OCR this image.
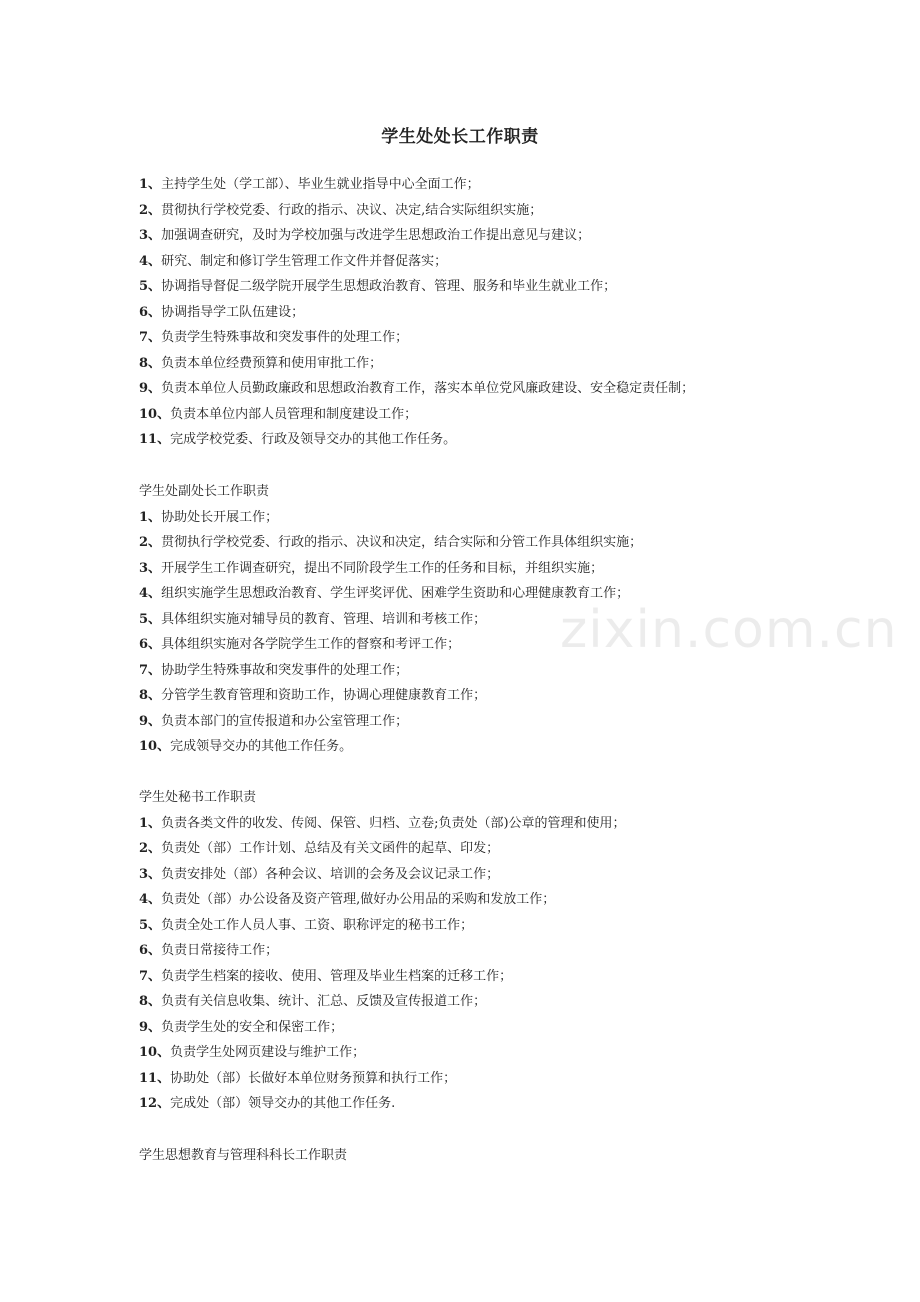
学生处处长工作职责
1、主持学生处（学工部）、毕业生就业指导中心全面工作；
2、贯彻执行学校党委、行政的指示、决议、决定,结合实际组织实施；
3、加强调查研究，及时为学校加强与改进学生思想政治工作提出意见与建议；
4、研究、制定和修订学生管理工作文件并督促落实；
5、协调指导督促二级学院开展学生思想政治教育、管理、服务和毕业生就业工作；
6、协调指导学工队伍建设；
7、负责学生特殊事故和突发事件的处理工作；
8、负责本单位经费预算和使用审批工作；
9、负责本单位人员勤政廉政和思想政治教育工作，落实本单位党风廉政建设、安全稳定责任制；
10、负责本单位内部人员管理和制度建设工作；
11、完成学校党委、行政及领导交办的其他工作任务。
学生处副处长工作职责
1、协助处长开展工作；
2、贯彻执行学校党委、行政的指示、决议和决定，结合实际和分管工作具体组织实施；
3、开展学生工作调查研究，提出不同阶段学生工作的任务和目标，并组织实施；
4、组织实施学生思想政治教育、学生评奖评优、困难学生资助和心理健康教育工作；
5、具体组织实施对辅导员的教育、管理、培训和考核工作；
6、具体组织实施对各学院学生工作的督察和考评工作；
7、协助学生特殊事故和突发事件的处理工作；
8、分管学生教育管理和资助工作，协调心理健康教育工作；
9、负责本部门的宣传报道和办公室管理工作；
10、完成领导交办的其他工作任务。
学生处秘书工作职责
1、负责各类文件的收发、传阅、保管、归档、立卷;负责处（部)公章的管理和使用；
2、负责处（部）工作计划、总结及有关文函件的起草、印发；
3、负责安排处（部）各种会议、培训的会务及会议记录工作；
4、负责处（部）办公设备及资产管理,做好办公用品的采购和发放工作；
5、负责全处工作人员人事、工资、职称评定的秘书工作；
6、负责日常接待工作；
7、负责学生档案的接收、使用、管理及毕业生档案的迁移工作；
8、负责有关信息收集、统计、汇总、反馈及宣传报道工作；
9、负责学生处的安全和保密工作；
10、负责学生处网页建设与维护工作；
11、协助处（部）长做好本单位财务预算和执行工作；
12、完成处（部）领导交办的其他工作任务.
学生思想教育与管理科科长工作职责
zixin.com.cn
